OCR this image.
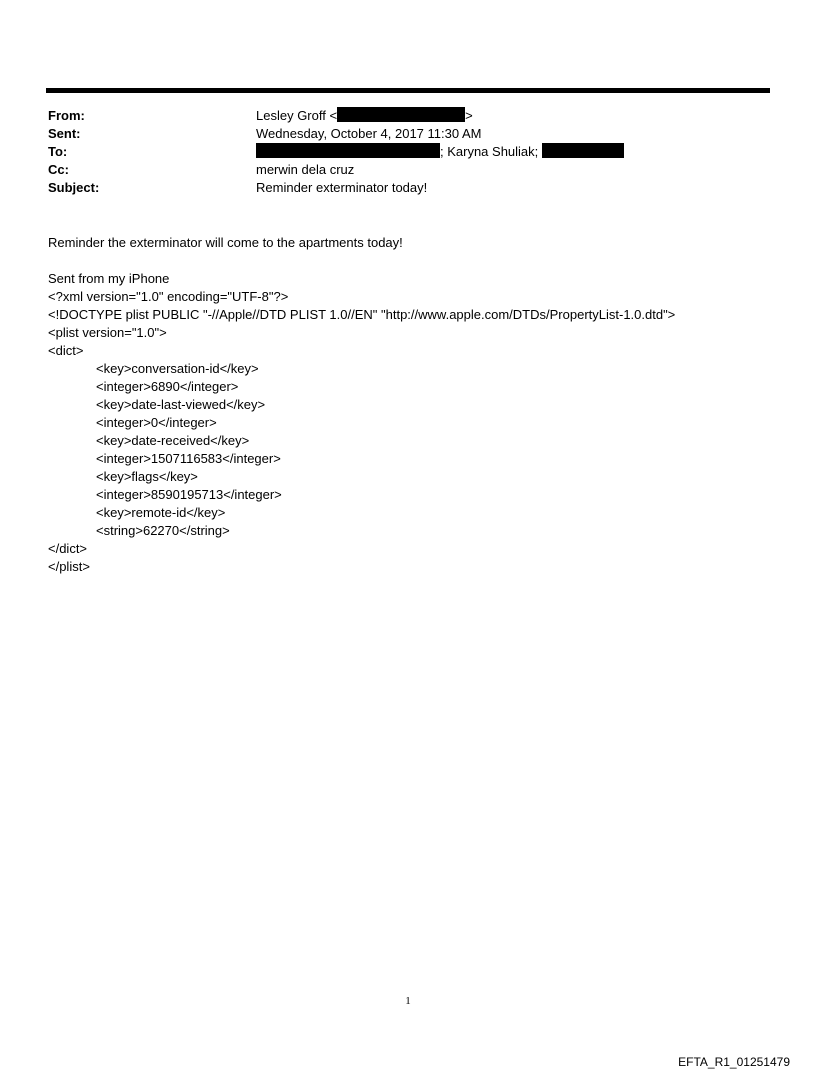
From:	Lesley Groff <	>
Sent:	Wednesday, October 4, 2017 11:30 AM
To:	; Karyna Shuliak;
Cc:	merwin dela cruz
Subject:	Reminder exterminator today!
Reminder the exterminator will come to the apartments today!
Sent from my iPhone
<?xml version="1.0" encoding="UTF-8"?>
<!DOCTYPE plist PUBLIC "-//Apple//DTD PLIST 1.0//EN" "http://www.apple.com/DTDs/PropertyList-1.0.dtd">
<plist version="1.0">
<dict>
<key>conversation-id</key>
<integer>6890</integer>
<key>date-last-viewed</key>
<integer>0</integer>
<key>date-received</key>
<integer>1507116583</integer>
<key>flags</key>
<integer>8590195713</integer>
<key>remote-id</key>
<string>62270</string>
</dict>
</plist>
1
EFTA_R1_01251479
